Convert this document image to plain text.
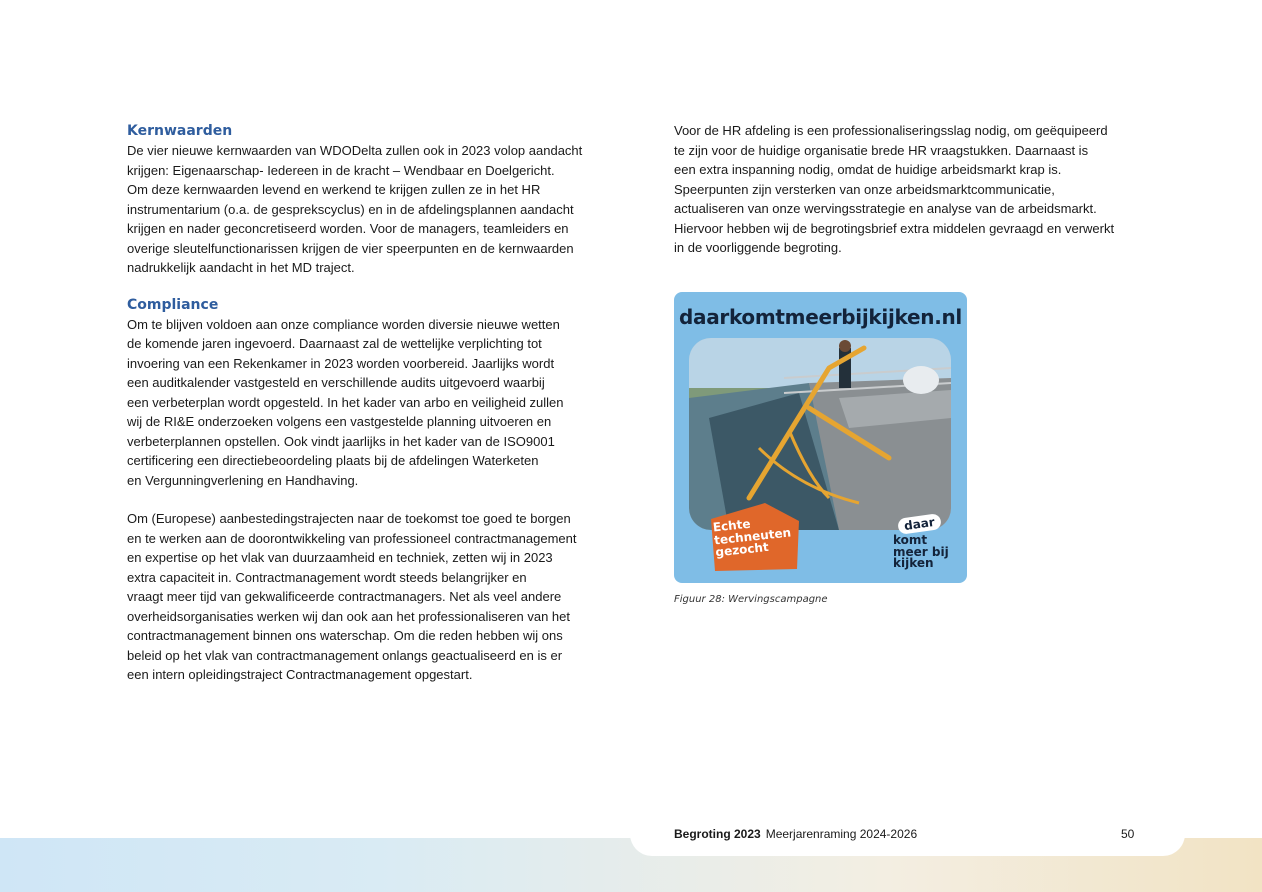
Kernwaarden

De vier nieuwe kernwaarden van WDODelta zullen ook in 2023 volop aandacht
krijgen: Eigenaarschap- Iedereen in de kracht – Wendbaar en Doelgericht.
Om deze kernwaarden levend en werkend te krijgen zullen ze in het HR
instrumentarium (o.a. de gesprekscyclus) en in de afdelingsplannen aandacht
krijgen en nader geconcretiseerd worden. Voor de managers, teamleiders en
overige sleutelfunctionarissen krijgen de vier speerpunten en de kernwaarden
nadrukkelijk aandacht in het MD traject.

Compliance

Om te blijven voldoen aan onze compliance worden diversie nieuwe wetten
de komende jaren ingevoerd. Daarnaast zal de wettelijke verplichting tot
invoering van een Rekenkamer in 2023 worden voorbereid. Jaarlijks wordt
een auditkalender vastgesteld en verschillende audits uitgevoerd waarbij
een verbeterplan wordt opgesteld. In het kader van arbo en veiligheid zullen
wij de RI&E onderzoeken volgens een vastgestelde planning uitvoeren en
verbeterplannen opstellen. Ook vindt jaarlijks in het kader van de ISO9001
certificering een directiebeoordeling plaats bij de afdelingen Waterketen
en Vergunningverlening en Handhaving.

Om (Europese) aanbestedingstrajecten naar de toekomst toe goed te borgen
en te werken aan de doorontwikkeling van professioneel contractmanagement
en expertise op het vlak van duurzaamheid en techniek, zetten wij in 2023
extra capaciteit in. Contractmanagement wordt steeds belangrijker en
vraagt meer tijd van gekwalificeerde contractmanagers. Net als veel andere
overheidsorganisaties werken wij dan ook aan het professionaliseren van het
contractmanagement binnen ons waterschap. Om die reden hebben wij ons
beleid op het vlak van contractmanagement onlangs geactualiseerd en is er
een intern opleidingstraject Contractmanagement opgestart.

Voor de HR afdeling is een professionaliseringsslag nodig, om geëquipeerd
te zijn voor de huidige organisatie brede HR vraagstukken. Daarnaast is
een extra inspanning nodig, omdat de huidige arbeidsmarkt krap is.
Speerpunten zijn versterken van onze arbeidsmarktcommunicatie,
actualiseren van onze wervingsstrategie en analyse van de arbeidsmarkt.
Hiervoor hebben wij de begrotingsbrief extra middelen gevraagd en verwerkt
in de voorliggende begroting.

daarkomtmeerbijkijken.nl
Echte
techneuten
gezocht
daar
komt
meer bij
kijken
Figuur 28: Wervingscampagne
Begroting 2023 Meerjarenraming 2024-2026	50
